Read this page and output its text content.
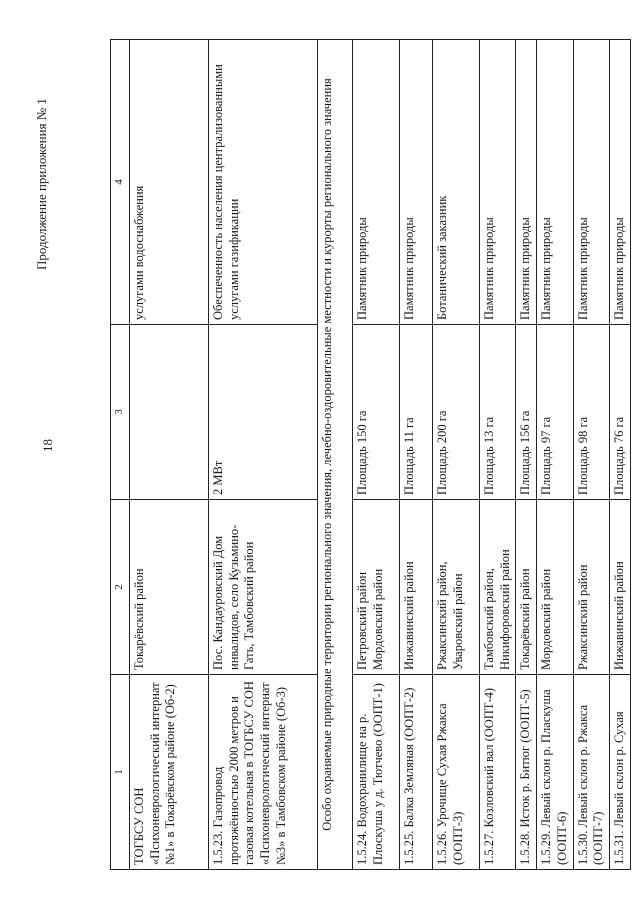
Продолжение приложения № 1
18
1	2	3	4
ТОГБСУ СОН «Психоневрологический интернат №1» в Токарёвском районе (Об-2)	Токарёвский район		услугами водоснабжения
1.5.23. Газопровод протяжённостью 2000 метров и газовая котельная в ТОГБСУ СОН «Психоневрологический интернат №3» в Тамбовском районе (Об-3)	Пос. Кандауровский Дом инвалидов, село Кузьмино-Гать, Тамбовский район	2 МВт	Обеспеченность населения централизованными услугами газификации
Особо охраняемые природные территории регионального значения, лечебно-оздоровительные местности и курорты регионального значения			
1.5.24. Водохранилище на р. Плоскуша у д. Тютчево (ООПТ-1)	Петровский район Мордовский район	Площадь 150 га	Памятник природы
1.5.25. Балка Земляная (ООПТ-2)	Инжавинский район	Площадь 11 га	Памятник природы
1.5.26. Урочище Сухая Ржакса (ООПТ-3)	Ржаксинский район, Уваровский район	Площадь 200 га	Ботанический заказник
1.5.27. Козловский вал (ООПТ-4)	Тамбовский район, Никифоровский район	Площадь 13 га	Памятник природы
1.5.28. Исток р. Битюг (ООПТ-5)	Токарёвский район	Площадь 156 га	Памятник природы
1.5.29. Левый склон р. Пласкуша (ООПТ-6)	Мордовский район	Площадь 97 га	Памятник природы
1.5.30. Левый склон р. Ржакса (ООПТ-7)	Ржаксинский район	Площадь 98 га	Памятник природы
1.5.31. Левый склон р. Сухая	Инжавинский район	Площадь 76 га	Памятник природы
